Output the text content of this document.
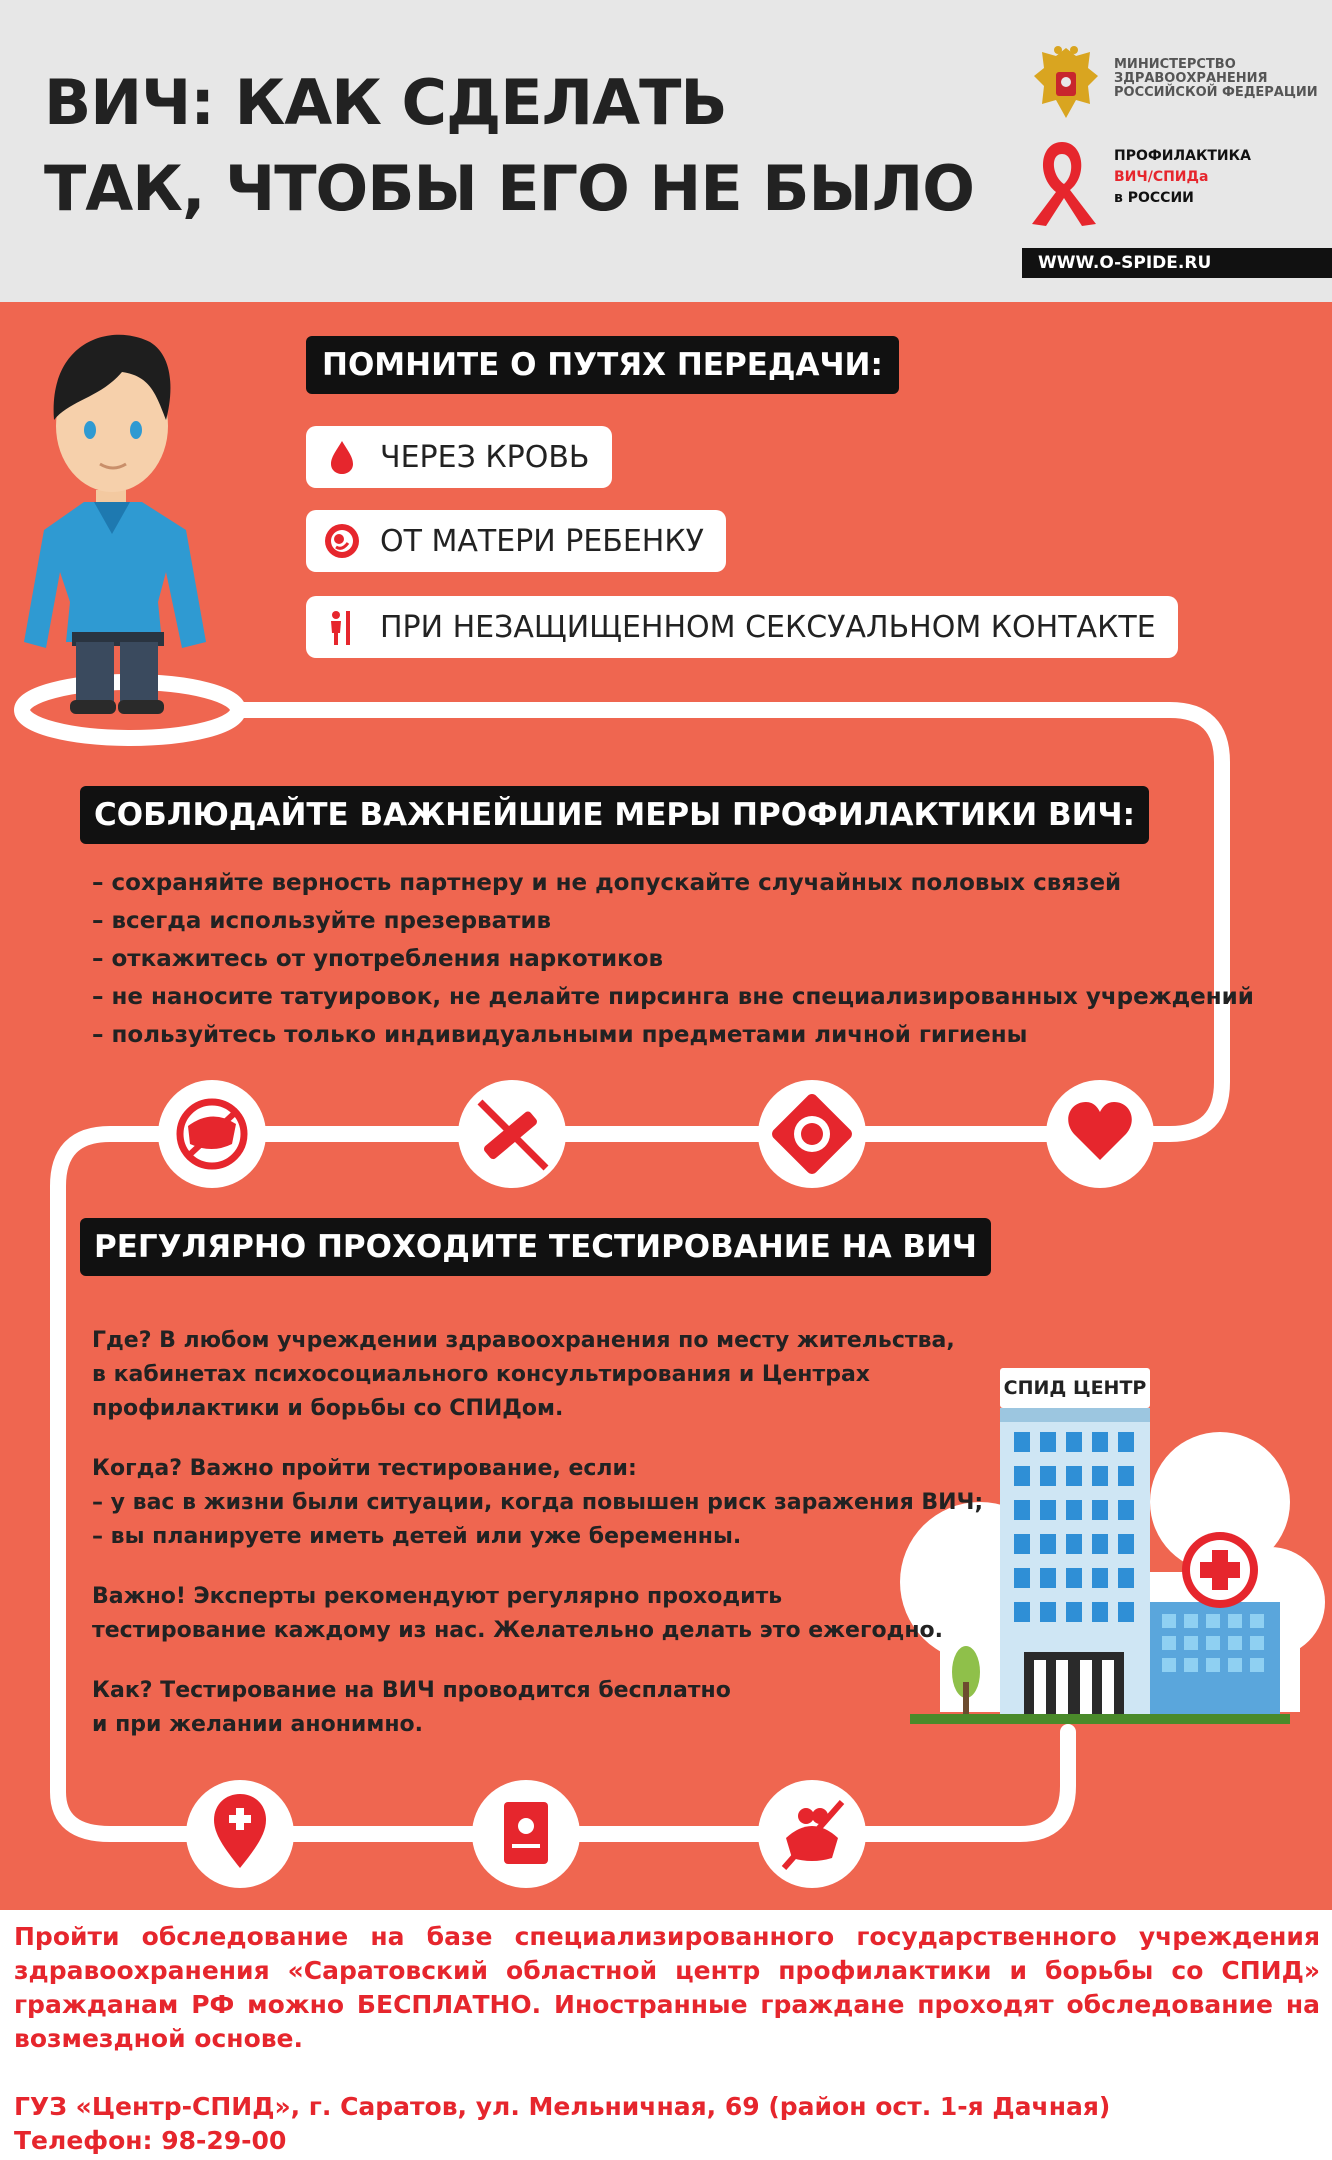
ВИЧ: КАК СДЕЛАТЬ
ТАК, ЧТОБЫ ЕГО НЕ БЫЛО
МИНИСТЕРСТВО
ЗДРАВООХРАНЕНИЯ
РОССИЙСКОЙ ФЕДЕРАЦИИ
ПРОФИЛАКТИКА
ВИЧ/СПИДа
в РОССИИ
WWW.O-SPIDE.RU
ПОМНИТЕ О ПУТЯХ ПЕРЕДАЧИ:
ЧЕРЕЗ КРОВЬ
ОТ МАТЕРИ РЕБЕНКУ
ПРИ НЕЗАЩИЩЕННОМ СЕКСУАЛЬНОМ КОНТАКТЕ
СОБЛЮДАЙТЕ ВАЖНЕЙШИЕ МЕРЫ ПРОФИЛАКТИКИ ВИЧ:
– сохраняйте верность партнеру и не допускайте случайных половых связей
– всегда используйте презерватив
– откажитесь от употребления наркотиков
– не наносите татуировок, не делайте пирсинга вне специализированных учреждений
– пользуйтесь только индивидуальными предметами личной гигиены
РЕГУЛЯРНО ПРОХОДИТЕ ТЕСТИРОВАНИЕ НА ВИЧ

Где? В любом учреждении здравоохранения по месту жительства,
в кабинетах психосоциального консультирования и Центрах
профилактики и борьбы со СПИДом.

Когда? Важно пройти тестирование, если:
– у вас в жизни были ситуации, когда повышен риск заражения ВИЧ;
– вы планируете иметь детей или уже беременны.

Важно! Эксперты рекомендуют регулярно проходить
тестирование каждому из нас. Желательно делать это ежегодно.

Как? Тестирование на ВИЧ проводится бесплатно
и при желании анонимно.

СПИД ЦЕНТР

Пройти обследование на базе специализированного государственного учреждения здравоохранения «Саратовский областной центр профилактики и борьбы со СПИД» гражданам РФ можно БЕСПЛАТНО. Иностранные граждане проходят обследование на возмездной основе.

ГУЗ «Центр-СПИД», г. Саратов, ул. Мельничная, 69 (район ост. 1-я Дачная)
Телефон: 98-29-00
